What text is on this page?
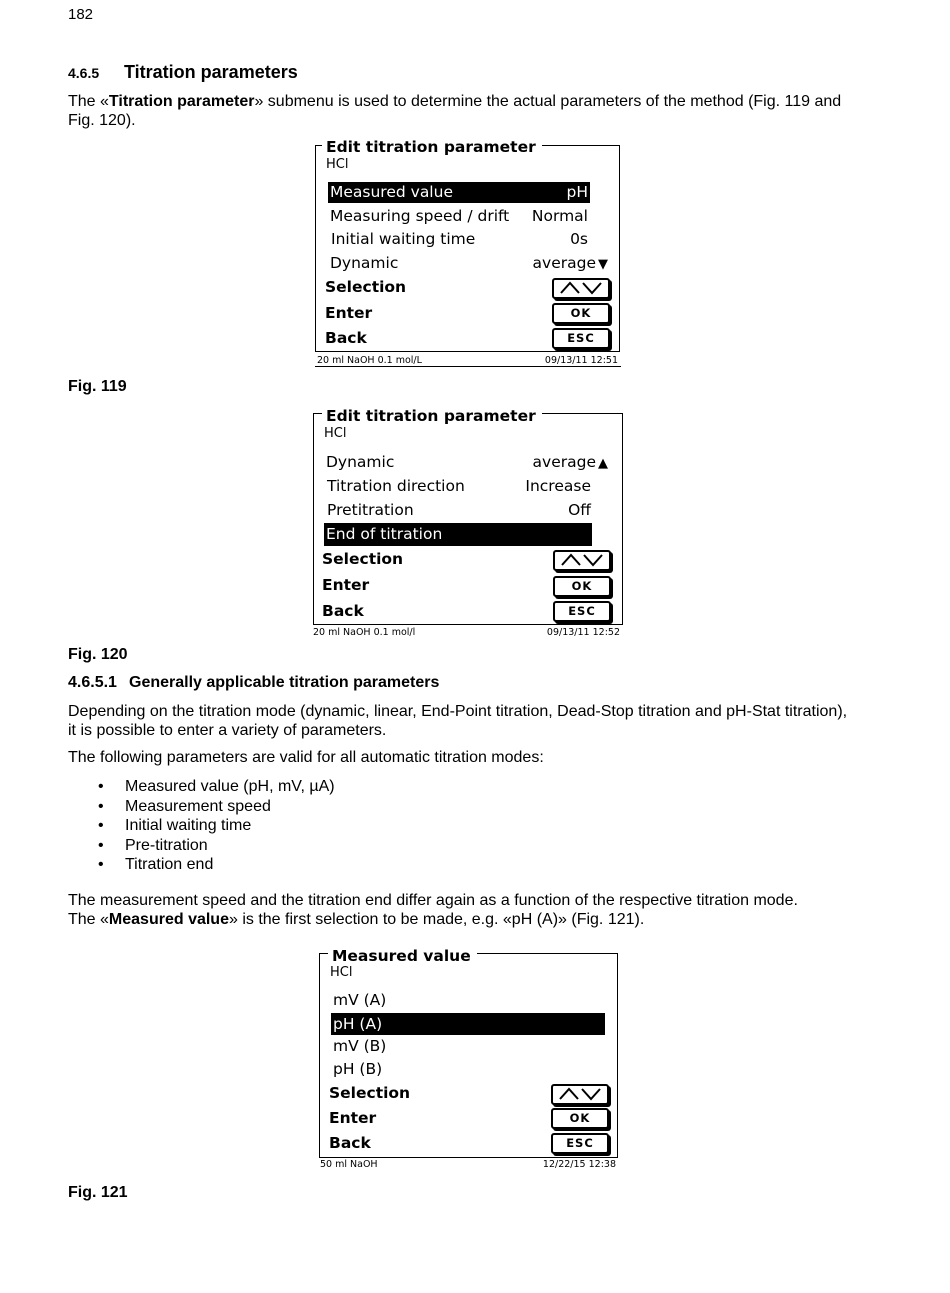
182
4.6.5 Titration parameters
The «Titration parameter» submenu is used to determine the actual parameters of the method (Fig. 119 and
Fig. 120).
Edit titration parameter
HCl
Measured value	pH
Measuring speed / drift Normal
Initial waiting time	0s
Dynamic	average ▼
Selection
Enter
Back
OK
ESC
20 ml NaOH 0.1 mol/L	09/13/11 12:51
Fig. 119
Edit titration parameter
HCl
Dynamic	average ▲
Titration direction	Increase
Pretitration	Off
End of titration
Selection
Enter
Back
OK
ESC
20 ml NaOH 0.1 mol/l	09/13/11 12:52
Fig. 120
4.6.5.1 Generally applicable titration parameters
Depending on the titration mode (dynamic, linear, End-Point titration, Dead-Stop titration and pH-Stat titration),
it is possible to enter a variety of parameters.
The following parameters are valid for all automatic titration modes:
• Measured value (pH, mV, µA)
• Measurement speed
• Initial waiting time
• Pre-titration
• Titration end
The measurement speed and the titration end differ again as a function of the respective titration mode.
The «Measured value» is the first selection to be made, e.g. «pH (A)» (Fig. 121).
Measured value
HCl
mV (A)
pH (A)
mV (B)
pH (B)
Selection
Enter
Back
OK
ESC
50 ml NaOH	12/22/15 12:38
Fig. 121
